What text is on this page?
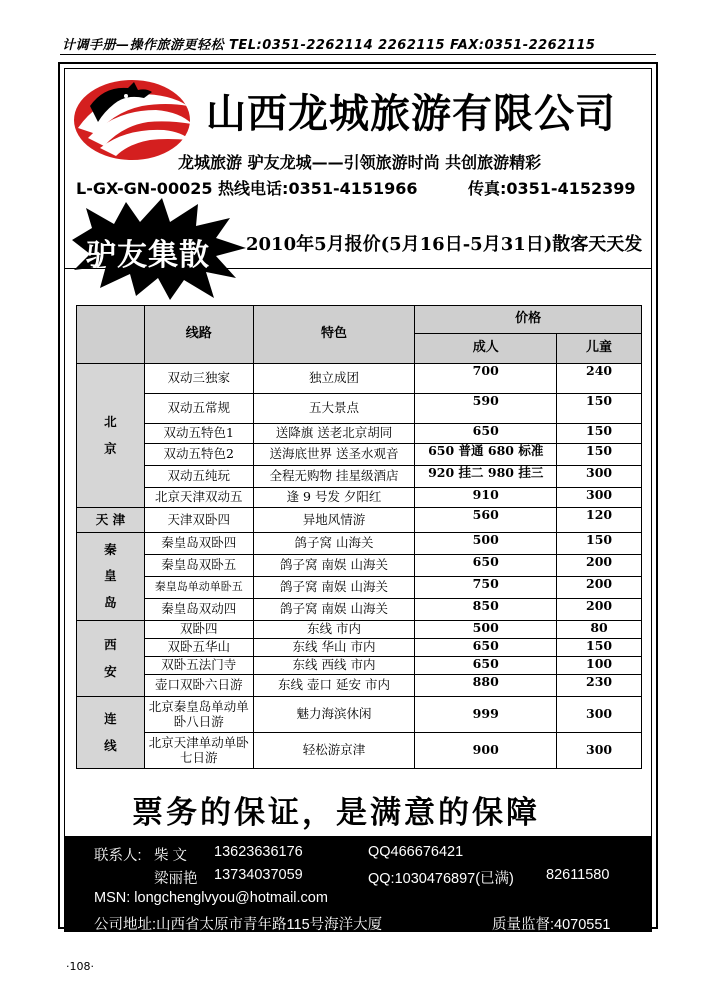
计调手册—操作旅游更轻松 TEL:0351-2262114 2262115 FAX:0351-2262115
山西龙城旅游有限公司
龙城旅游 驴友龙城——引领旅游时尚 共创旅游精彩
L-GX-GN-00025 热线电话:0351-4151966	传真:0351-4152399
驴友集散 2010年5月报价(5月16日-5月31日)散客天天发
	线路	特色	价格	
			成人	儿童

北
京	双动三独家	独立成团	700	240
	双动五常规	五大景点	590	150
	双动五特色1	送降旗 送老北京胡同	650	150
	双动五特色2	送海底世界 送圣水观音	650 普通 680 标准	150
	双动五纯玩	全程无购物 挂星级酒店	920 挂二 980 挂三	300
	北京天津双动五	逢 9 号发 夕阳红	910	300
天 津	天津双卧四	异地风情游	560	120

秦
皇
岛	秦皇岛双卧四	鸽子窝 山海关	500	150
	秦皇岛双卧五	鸽子窝 南娱 山海关	650	200
	秦皇岛单动单卧五	鸽子窝 南娱 山海关	750	200
	秦皇岛双动四	鸽子窝 南娱 山海关	850	200

西
安	双卧四	东线 市内	500	80
	双卧五华山	东线 华山 市内	650	150
	双卧五法门寺	东线 西线 市内	650	100
	壶口双卧六日游	东线 壶口 延安 市内	880	230

连
线	北京秦皇岛单动单卧八日游	魅力海滨休闲	999	300
	北京天津单动单卧七日游	轻松游京津	900	300
票务的保证，是满意的保障
联系人: 柴 文 13623636176	QQ466676421
梁丽艳 13734037059	QQ:1030476897(已满) 82611580
MSN: longchenglvyou@hotmail.com
公司地址:山西省太原市青年路115号海洋大厦	质量监督:4070551
·108·
